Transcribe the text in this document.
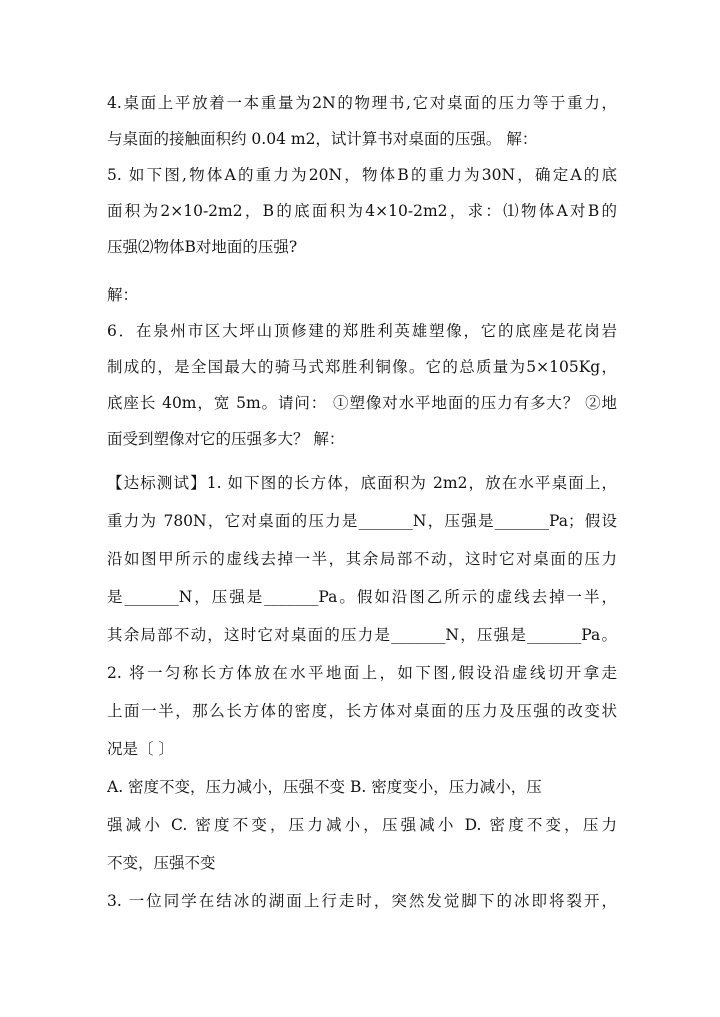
4.桌面上平放着一本重量为2N的物理书,它对桌面的压力等于重力，
与桌面的接触面积约 0.04 m2，试计算书对桌面的压强。 解：
5. 如下图,物体A的重力为20N，物体B的重力为30N，确定A的底
面积为2×10-2m2，B的底面积为4×10-2m2，求：⑴物体A对B的
压强⑵物体B对地面的压强?
解：
6．在泉州市区大坪山顶修建的郑胜利英雄塑像，它的底座是花岗岩
制成的，是全国最大的骑马式郑胜利铜像。它的总质量为5×105Kg，
底座长 40m，宽 5m。请问： ①塑像对水平地面的压力有多大？ ②地
面受到塑像对它的压强多大？ 解：
【达标测试】1. 如下图的长方体，底面积为 2m2，放在水平桌面上，
重力为 780N，它对桌面的压力是_______N，压强是_______Pa；假设
沿如图甲所示的虚线去掉一半，其余局部不动，这时它对桌面的压力
是_______N，压强是_______Pa。假如沿图乙所示的虚线去掉一半，
其余局部不动，这时它对桌面的压力是_______N，压强是_______Pa。
2. 将一匀称长方体放在水平地面上，如下图,假设沿虚线切开拿走
上面一半，那么长方体的密度，长方体对桌面的压力及压强的改变状
况是〔 〕
A. 密度不变，压力减小，压强不变 B. 密度变小，压力减小，压
强减小 C. 密度不变，压力减小，压强减小 D. 密度不变，压力
不变，压强不变
3. 一位同学在结冰的湖面上行走时，突然发觉脚下的冰即将裂开，
